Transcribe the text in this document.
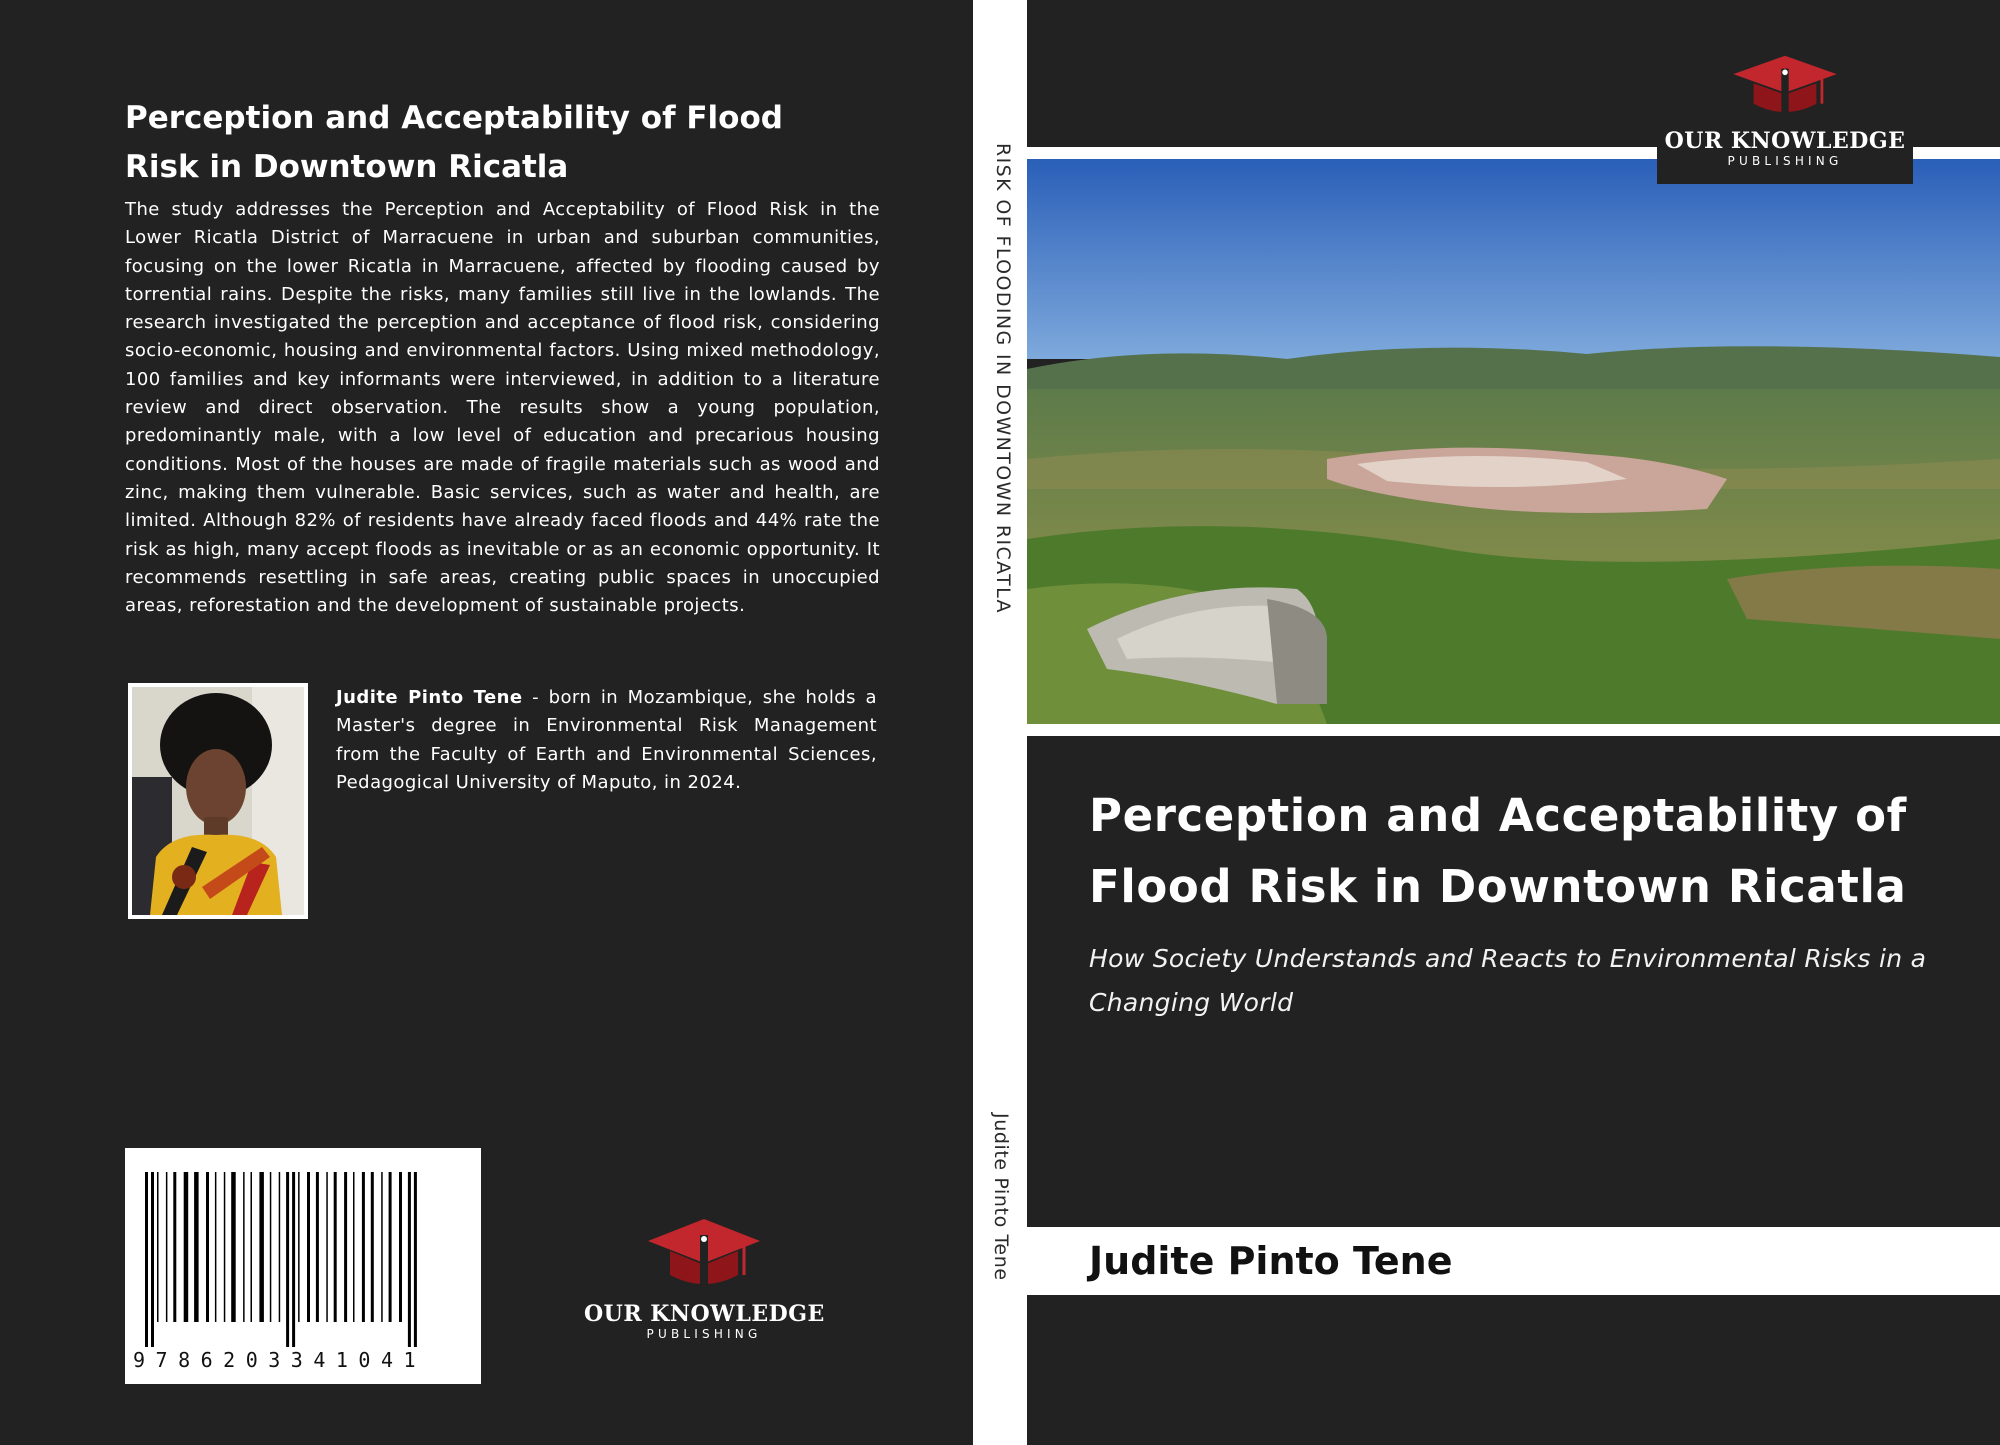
Perception and Acceptability of Flood Risk in Downtown Ricatla

The study addresses the Perception and Acceptability of Flood Risk in the Lower Ricatla District of Marracuene in urban and suburban communities, focusing on the lower Ricatla in Marracuene, affected by flooding caused by torrential rains. Despite the risks, many families still live in the lowlands. The research investigated the perception and acceptance of flood risk, considering socio-economic, housing and environmental factors. Using mixed methodology, 100 families and key informants were interviewed, in addition to a literature review and direct observation. The results show a young population, predominantly male, with a low level of education and precarious housing conditions. Most of the houses are made of fragile materials such as wood and zinc, making them vulnerable. Basic services, such as water and health, are limited. Although 82% of residents have already faced floods and 44% rate the risk as high, many accept floods as inevitable or as an economic opportunity. It recommends resettling in safe areas, creating public spaces in unoccupied areas, reforestation and the development of sustainable projects.

Judite Pinto Tene - born in Mozambique, she holds a Master's degree in Environmental Risk Management from the Faculty of Earth and Environmental Sciences, Pedagogical University of Maputo, in 2024.

9786203341041
OUR KNOWLEDGE
PUBLISHING
RISK OF FLOODING IN DOWNTOWN RICATLA
Judite Pinto Tene
OUR KNOWLEDGE
PUBLISHING
Perception and Acceptability of Flood Risk in Downtown Ricatla

How Society Understands and Reacts to Environmental Risks in a Changing World

Judite Pinto Tene
